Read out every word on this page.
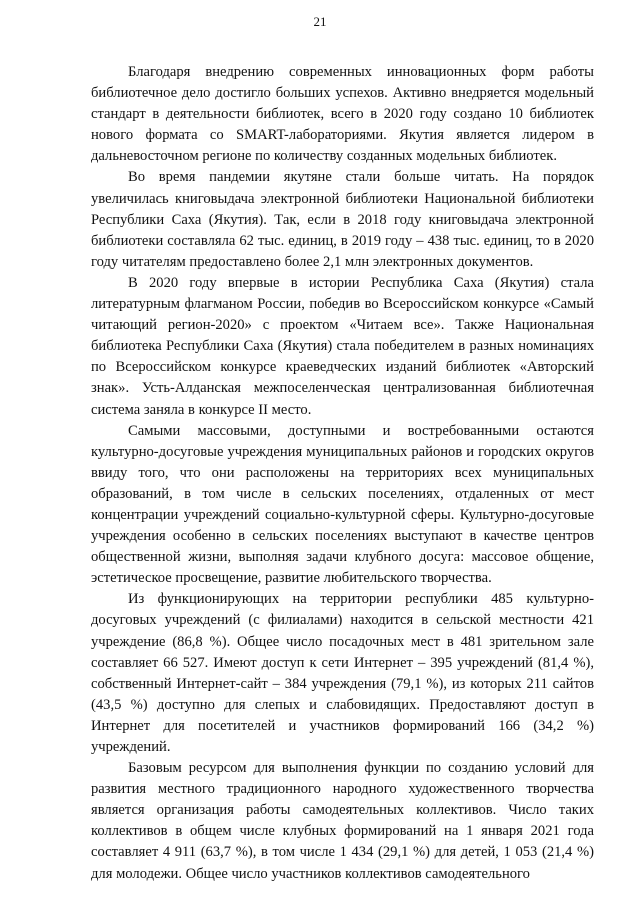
21

Благодаря внедрению современных инновационных форм работы библиотечное дело достигло больших успехов. Активно внедряется модельный стандарт в деятельности библиотек, всего в 2020 году создано 10 библиотек нового формата со SMART-лабораториями. Якутия является лидером в дальневосточном регионе по количеству созданных модельных библиотек.

Во время пандемии якутяне стали больше читать. На порядок увеличилась книговыдача электронной библиотеки Национальной библиотеки Республики Саха (Якутия). Так, если в 2018 году книговыдача электронной библиотеки составляла 62 тыс. единиц, в 2019 году – 438 тыс. единиц, то в 2020 году читателям предоставлено более 2,1 млн электронных документов.

В 2020 году впервые в истории Республика Саха (Якутия) стала литературным флагманом России, победив во Всероссийском конкурсе «Самый читающий регион-2020» с проектом «Читаем все». Также Национальная библиотека Республики Саха (Якутия) стала победителем в разных номинациях по Всероссийском конкурсе краеведческих изданий библиотек «Авторский знак». Усть-Алданская межпоселенческая централизованная библиотечная система заняла в конкурсе II место.

Самыми массовыми, доступными и востребованными остаются культурно-досуговые учреждения муниципальных районов и городских округов ввиду того, что они расположены на территориях всех муниципальных образований, в том числе в сельских поселениях, отдаленных от мест концентрации учреждений социально-культурной сферы. Культурно-досуговые учреждения особенно в сельских поселениях выступают в качестве центров общественной жизни, выполняя задачи клубного досуга: массовое общение, эстетическое просвещение, развитие любительского творчества.

Из функционирующих на территории республики 485 культурно-досуговых учреждений (с филиалами) находится в сельской местности 421 учреждение (86,8 %). Общее число посадочных мест в 481 зрительном зале составляет 66 527. Имеют доступ к сети Интернет – 395 учреждений (81,4 %), собственный Интернет-сайт – 384 учреждения (79,1 %), из которых 211 сайтов (43,5 %) доступно для слепых и слабовидящих. Предоставляют доступ в Интернет для посетителей и участников формирований 166 (34,2 %) учреждений.

Базовым ресурсом для выполнения функции по созданию условий для развития местного традиционного народного художественного творчества является организация работы самодеятельных коллективов. Число таких коллективов в общем числе клубных формирований на 1 января 2021 года составляет 4 911 (63,7 %), в том числе 1 434 (29,1 %) для детей, 1 053 (21,4 %) для молодежи. Общее число участников коллективов самодеятельного
